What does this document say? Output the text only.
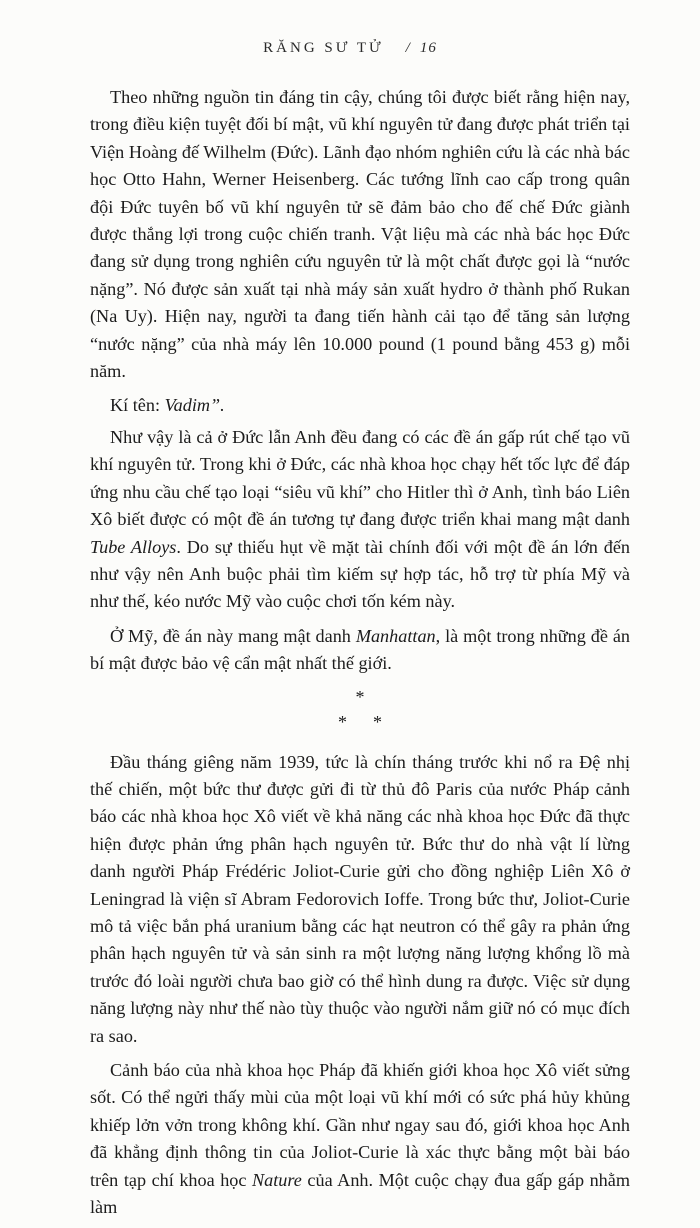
RĂNG SƯ TỬ / 16

Theo những nguồn tin đáng tin cậy, chúng tôi được biết rằng hiện nay, trong điều kiện tuyệt đối bí mật, vũ khí nguyên tử đang được phát triển tại Viện Hoàng đế Wilhelm (Đức). Lãnh đạo nhóm nghiên cứu là các nhà bác học Otto Hahn, Werner Heisenberg. Các tướng lĩnh cao cấp trong quân đội Đức tuyên bố vũ khí nguyên tử sẽ đảm bảo cho đế chế Đức giành được thắng lợi trong cuộc chiến tranh. Vật liệu mà các nhà bác học Đức đang sử dụng trong nghiên cứu nguyên tử là một chất được gọi là “nước nặng”. Nó được sản xuất tại nhà máy sản xuất hydro ở thành phố Rukan (Na Uy). Hiện nay, người ta đang tiến hành cải tạo để tăng sản lượng “nước nặng” của nhà máy lên 10.000 pound (1 pound bằng 453 g) mỗi năm.

Kí tên: Vadim”.

Như vậy là cả ở Đức lẫn Anh đều đang có các đề án gấp rút chế tạo vũ khí nguyên tử. Trong khi ở Đức, các nhà khoa học chạy hết tốc lực để đáp ứng nhu cầu chế tạo loại “siêu vũ khí” cho Hitler thì ở Anh, tình báo Liên Xô biết được có một đề án tương tự đang được triển khai mang mật danh Tube Alloys. Do sự thiếu hụt về mặt tài chính đối với một đề án lớn đến như vậy nên Anh buộc phải tìm kiếm sự hợp tác, hỗ trợ từ phía Mỹ và như thế, kéo nước Mỹ vào cuộc chơi tốn kém này.

Ở Mỹ, đề án này mang mật danh Manhattan, là một trong những đề án bí mật được bảo vệ cẩn mật nhất thế giới.

*
* *

Đầu tháng giêng năm 1939, tức là chín tháng trước khi nổ ra Đệ nhị thế chiến, một bức thư được gửi đi từ thủ đô Paris của nước Pháp cảnh báo các nhà khoa học Xô viết về khả năng các nhà khoa học Đức đã thực hiện được phản ứng phân hạch nguyên tử. Bức thư do nhà vật lí lừng danh người Pháp Frédéric Joliot-Curie gửi cho đồng nghiệp Liên Xô ở Leningrad là viện sĩ Abram Fedorovich Ioffe. Trong bức thư, Joliot-Curie mô tả việc bắn phá uranium bằng các hạt neutron có thể gây ra phản ứng phân hạch nguyên tử và sản sinh ra một lượng năng lượng khổng lồ mà trước đó loài người chưa bao giờ có thể hình dung ra được. Việc sử dụng năng lượng này như thế nào tùy thuộc vào người nắm giữ nó có mục đích ra sao.

Cảnh báo của nhà khoa học Pháp đã khiến giới khoa học Xô viết sửng sốt. Có thể ngửi thấy mùi của một loại vũ khí mới có sức phá hủy khủng khiếp lởn vởn trong không khí. Gần như ngay sau đó, giới khoa học Anh đã khẳng định thông tin của Joliot-Curie là xác thực bằng một bài báo trên tạp chí khoa học Nature của Anh. Một cuộc chạy đua gấp gáp nhằm làm
